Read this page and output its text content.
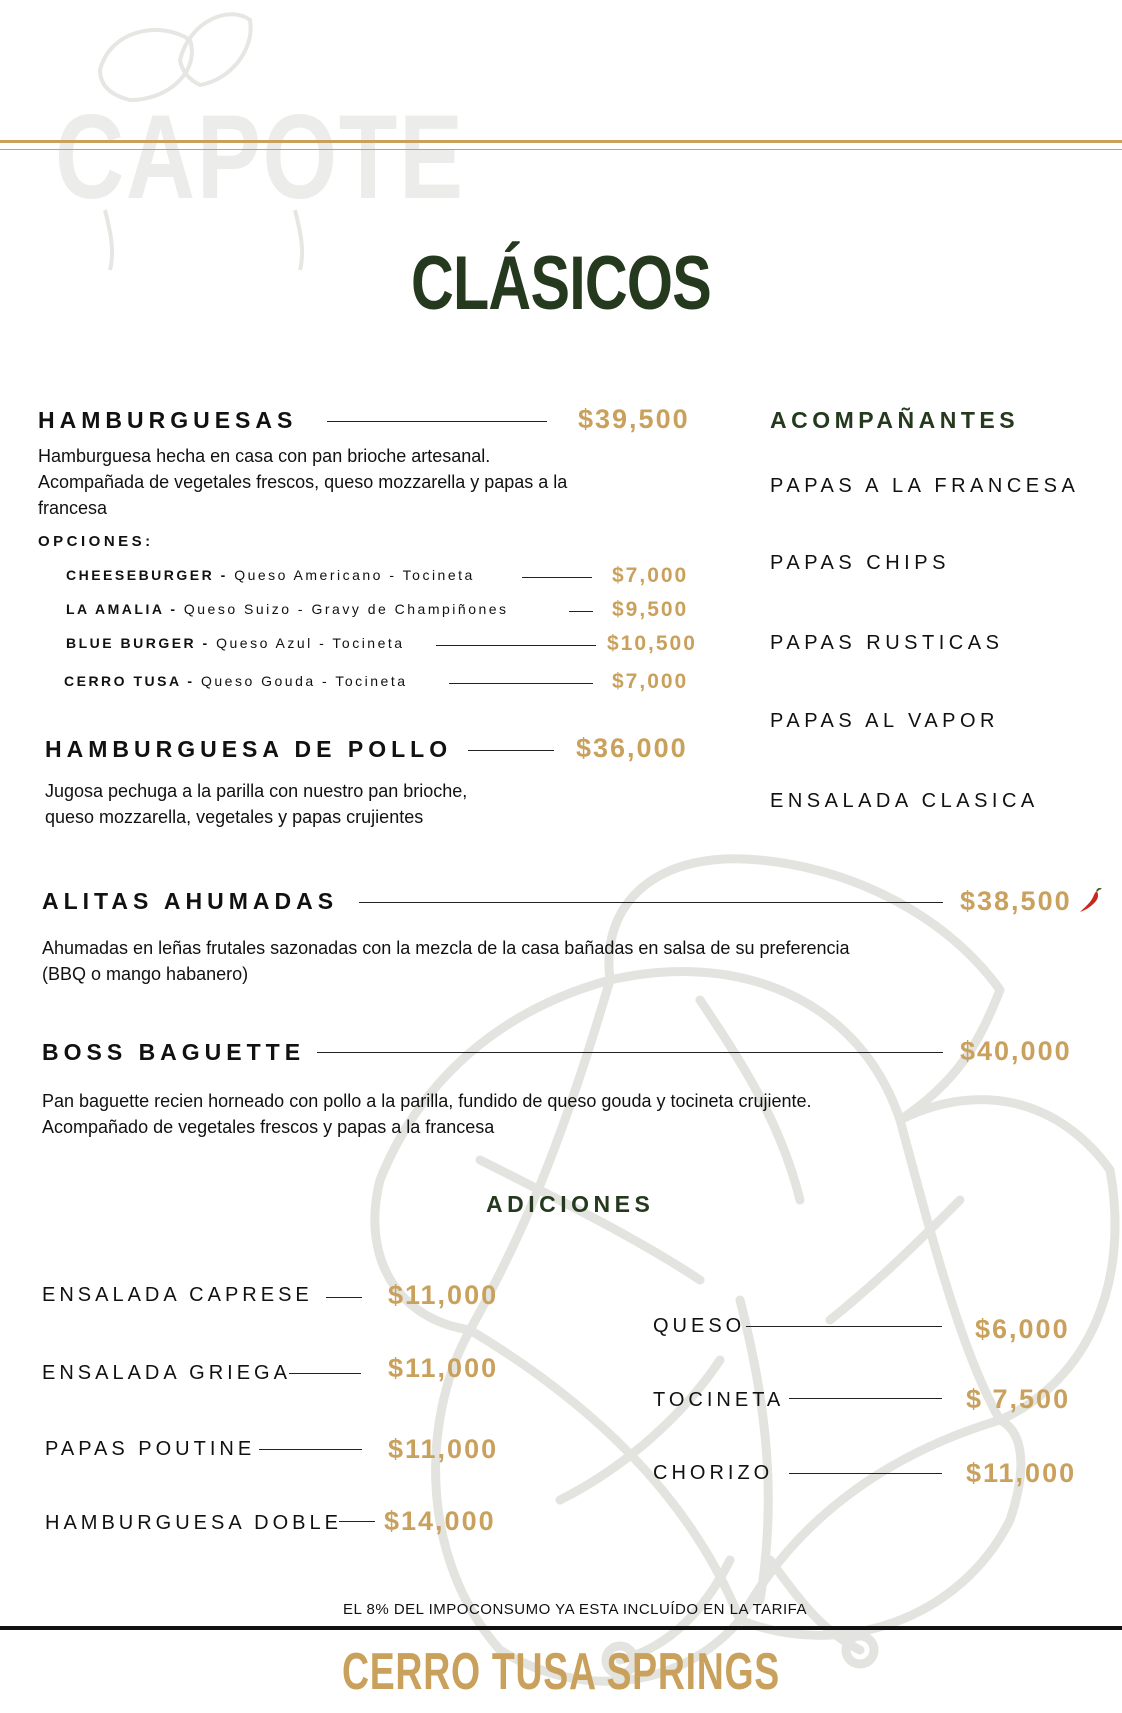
CAPOTE
CLÁSICOS
HAMBURGUESAS	$39,500
Hamburguesa hecha en casa con pan brioche artesanal. Acompañada de vegetales frescos, queso mozzarella y papas a la francesa
OPCIONES:
CHEESEBURGER - Queso Americano - Tocineta	$7,000
LA AMALIA - Queso Suizo - Gravy de Champiñones	$9,500
BLUE BURGER - Queso Azul - Tocineta	$10,500
CERRO TUSA - Queso Gouda - Tocineta	$7,000
HAMBURGUESA DE POLLO	$36,000
Jugosa pechuga a la parilla con nuestro pan brioche, queso mozzarella, vegetales y papas crujientes
ACOMPAÑANTES
PAPAS A LA FRANCESA
PAPAS CHIPS
PAPAS RUSTICAS
PAPAS AL VAPOR
ENSALADA CLASICA
ALITAS AHUMADAS	$38,500
Ahumadas en leñas frutales sazonadas con la mezcla de la casa bañadas en salsa de su preferencia (BBQ o mango habanero)
BOSS BAGUETTE	$40,000
Pan baguette recien horneado con pollo a la parilla, fundido de queso gouda y tocineta crujiente. Acompañado de vegetales frescos y papas a la francesa
ADICIONES
ENSALADA CAPRESE	$11,000
ENSALADA GRIEGA	$11,000
PAPAS POUTINE	$11,000
HAMBURGUESA DOBLE $14,000
QUESO	$6,000
TOCINETA	$ 7,500
CHORIZO	$11,000
EL 8% DEL IMPOCONSUMO YA ESTA INCLUÍDO EN LA TARIFA
CERRO TUSA SPRINGS
